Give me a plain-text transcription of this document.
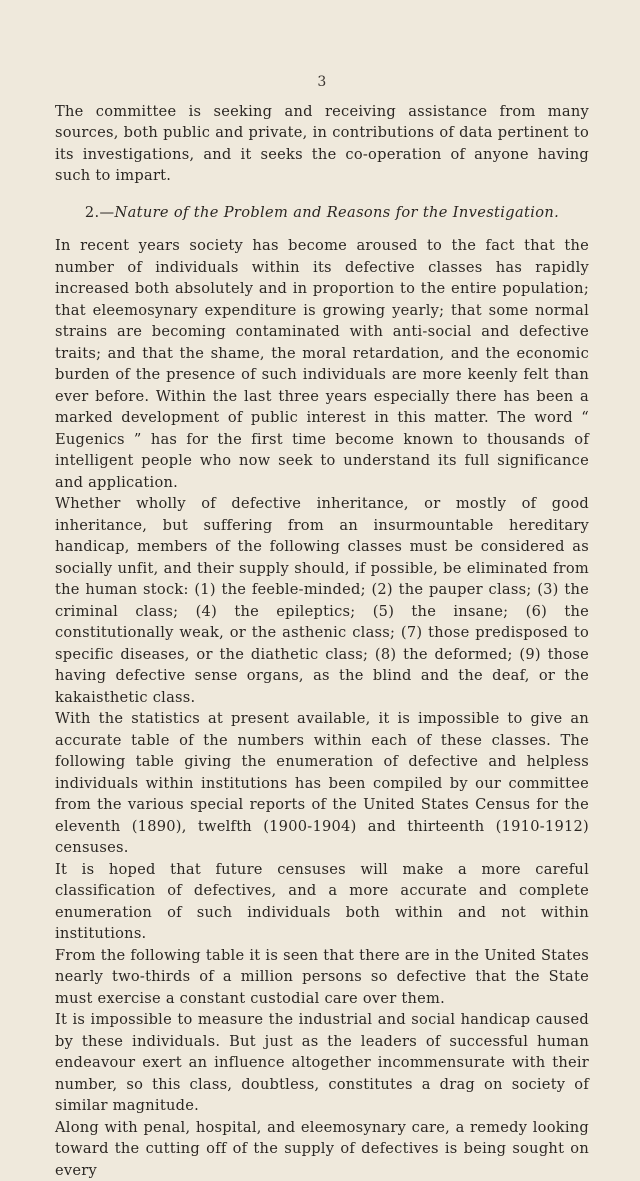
3

The committee is seeking and receiving assistance from many sources, both public and private, in contributions of data pertinent to its investigations, and it seeks the co-operation of anyone having such to impart.

2.—Nature of the Problem and Reasons for the Investigation.

In recent years society has become aroused to the fact that the number of individuals within its defective classes has rapidly increased both absolutely and in proportion to the entire population; that eleemosynary expenditure is growing yearly; that some normal strains are becoming contaminated with anti-social and defective traits; and that the shame, the moral retardation, and the economic burden of the presence of such individuals are more keenly felt than ever before. Within the last three years especially there has been a marked development of public interest in this matter. The word “ Eugenics ” has for the first time become known to thousands of intelligent people who now seek to understand its full significance and application.

Whether wholly of defective inheritance, or mostly of good inheritance, but suffering from an insurmountable hereditary handicap, members of the following classes must be considered as socially unfit, and their supply should, if possible, be eliminated from the human stock: (1) the feeble-minded; (2) the pauper class; (3) the criminal class; (4) the epileptics; (5) the insane; (6) the constitutionally weak, or the asthenic class; (7) those predisposed to specific diseases, or the diathetic class; (8) the deformed; (9) those having defective sense organs, as the blind and the deaf, or the kakaisthetic class.

With the statistics at present available, it is impossible to give an accurate table of the numbers within each of these classes. The following table giving the enumeration of defective and helpless individuals within institutions has been compiled by our committee from the various special reports of the United States Census for the eleventh (1890), twelfth (1900-1904) and thirteenth (1910-1912) censuses.

It is hoped that future censuses will make a more careful classification of defectives, and a more accurate and complete enumeration of such individuals both within and not within institutions.

From the following table it is seen that there are in the United States nearly two-thirds of a million persons so defective that the State must exercise a constant custodial care over them.

It is impossible to measure the industrial and social handicap caused by these individuals. But just as the leaders of successful human endeavour exert an influence altogether incommensurate with their number, so this class, doubtless, constitutes a drag on society of similar magnitude.

Along with penal, hospital, and eleemosynary care, a remedy looking toward the cutting off of the supply of defectives is being sought on every
